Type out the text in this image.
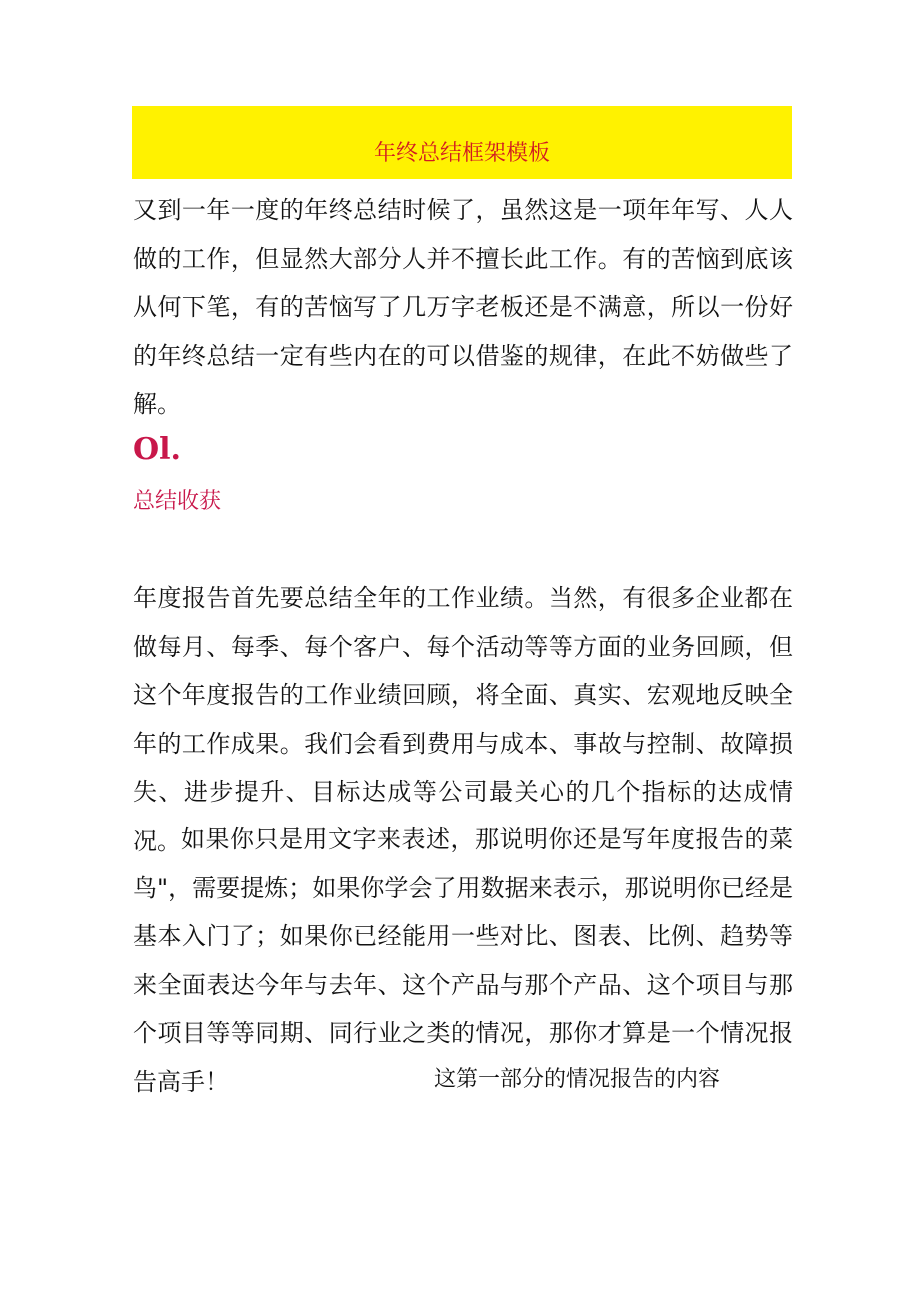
年终总结框架模板

又到一年一度的年终总结时候了，虽然这是一项年年写、人人做的工作，但显然大部分人并不擅长此工作。有的苦恼到底该从何下笔，有的苦恼写了几万字老板还是不满意，所以一份好的年终总结一定有些内在的可以借鉴的规律，在此不妨做些了解。

Ol.

总结收获

年度报告首先要总结全年的工作业绩。当然，有很多企业都在做每月、每季、每个客户、每个活动等等方面的业务回顾，但这个年度报告的工作业绩回顾，将全面、真实、宏观地反映全年的工作成果。我们会看到费用与成本、事故与控制、故障损失、进步提升、目标达成等公司最关心的几个指标的达成情况。 如果你只是用文字来表述，那说明你还是写年度报告的菜鸟"，需要提炼；如果你学会了用数据来表示，那说明你已经是基本入门了；如果你已经能用一些对比、图表、比例、趋势等来全面表达今年与去年、这个产品与那个产品、这个项目与那个项目等等同期、同行业之类的情况，那你才算是一个情况报告高手！	这第一部分的情况报告的内容
